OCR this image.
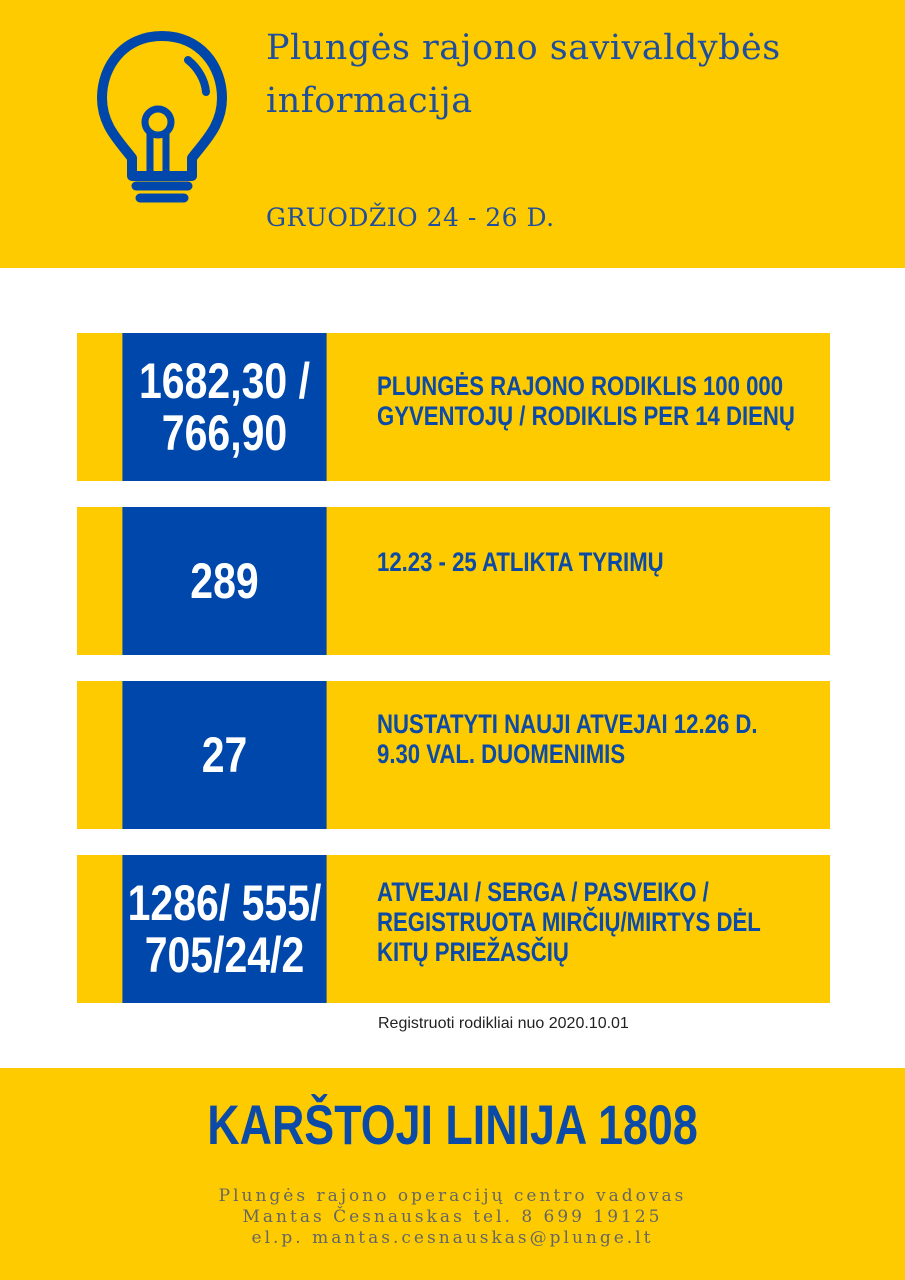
Plungės rajono savivaldybės informacija
GRUODŽIO 24 - 26 D.
1682,30 /
766,90
PLUNGĖS RAJONO RODIKLIS 100 000
GYVENTOJŲ / RODIKLIS PER 14 DIENŲ
289	12.23 - 25 ATLIKTA TYRIMŲ
27
NUSTATYTI NAUJI ATVEJAI 12.26 D.
9.30 VAL. DUOMENIMIS
1286/ 555/
705/24/2
ATVEJAI / SERGA / PASVEIKO /
REGISTRUOTA MIRČIŲ/MIRTYS DĖL
KITŲ PRIEŽASČIŲ
Registruoti rodikliai nuo 2020.10.01
KARŠTOJI LINIJA 1808
Plungės rajono operacijų centro vadovas
Mantas Česnauskas tel. 8 699 19125
el.p. mantas.cesnauskas@plunge.lt
